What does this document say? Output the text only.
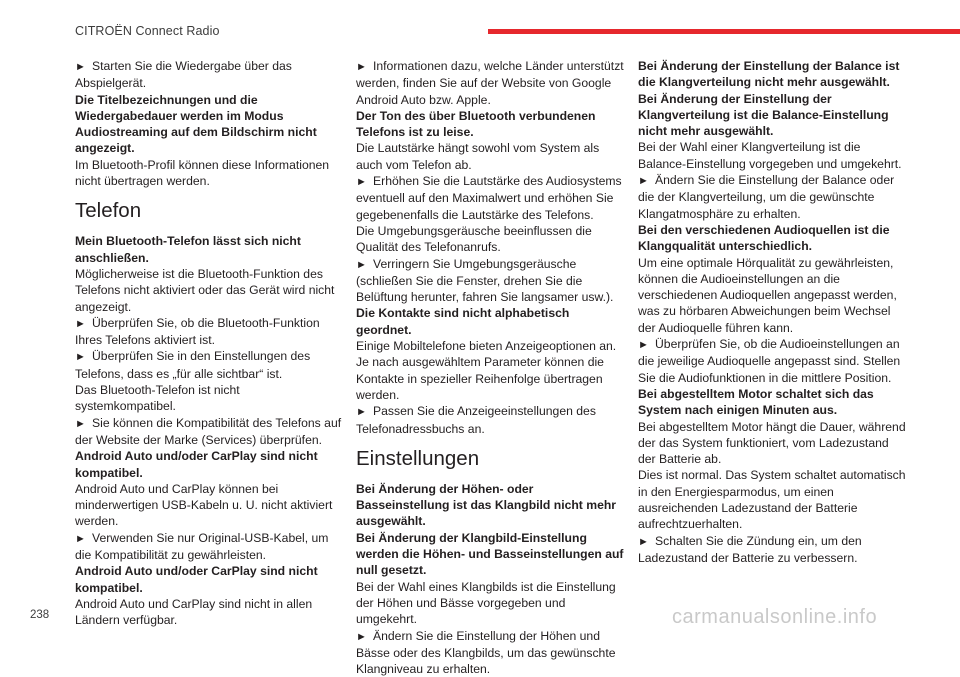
CITROËN Connect Radio

►  Starten Sie die Wiedergabe über das Abspielgerät.

Die Titelbezeichnungen und die Wiedergabedauer werden im Modus Audiostreaming auf dem Bildschirm nicht angezeigt.

Im Bluetooth-Profil können diese Informationen nicht übertragen werden.

Telefon

Mein Bluetooth-Telefon lässt sich nicht anschließen.

Möglicherweise ist die Bluetooth-Funktion des Telefons nicht aktiviert oder das Gerät wird nicht angezeigt.

►  Überprüfen Sie, ob die Bluetooth-Funktion Ihres Telefons aktiviert ist.

►  Überprüfen Sie in den Einstellungen des Telefons, dass es „für alle sichtbar“ ist.

Das Bluetooth-Telefon ist nicht systemkompatibel.

►  Sie können die Kompatibilität des Telefons auf der Website der Marke (Services) überprüfen.

Android Auto und/oder CarPlay sind nicht kompatibel.

Android Auto und CarPlay können bei minderwertigen USB-Kabeln u. U. nicht aktiviert werden.

►  Verwenden Sie nur Original-USB-Kabel, um die Kompatibilität zu gewährleisten.

Android Auto und/oder CarPlay sind nicht kompatibel.

Android Auto und CarPlay sind nicht in allen Ländern verfügbar.

►  Informationen dazu, welche Länder unterstützt werden, finden Sie auf der Website von Google Android Auto bzw. Apple.

Der Ton des über Bluetooth verbundenen Telefons ist zu leise.

Die Lautstärke hängt sowohl vom System als auch vom Telefon ab.

►  Erhöhen Sie die Lautstärke des Audiosystems eventuell auf den Maximalwert und erhöhen Sie gegebenenfalls die Lautstärke des Telefons.

Die Umgebungsgeräusche beeinflussen die Qualität des Telefonanrufs.

►  Verringern Sie Umgebungsgeräusche (schließen Sie die Fenster, drehen Sie die Belüftung herunter, fahren Sie langsamer usw.).

Die Kontakte sind nicht alphabetisch geordnet.

Einige Mobiltelefone bieten Anzeigeoptionen an. Je nach ausgewähltem Parameter können die Kontakte in spezieller Reihenfolge übertragen werden.

►  Passen Sie die Anzeigeeinstellungen des Telefonadressbuchs an.

Einstellungen

Bei Änderung der Höhen- oder Basseinstellung ist das Klangbild nicht mehr ausgewählt.

Bei Änderung der Klangbild-Einstellung werden die Höhen- und Basseinstellungen auf null gesetzt.

Bei der Wahl eines Klangbilds ist die Einstellung der Höhen und Bässe vorgegeben und umgekehrt.

►  Ändern Sie die Einstellung der Höhen und Bässe oder des Klangbilds, um das gewünschte Klangniveau zu erhalten.

Bei Änderung der Einstellung der Balance ist die Klangverteilung nicht mehr ausgewählt.

Bei Änderung der Einstellung der Klangverteilung ist die Balance-Einstellung nicht mehr ausgewählt.

Bei der Wahl einer Klangverteilung ist die Balance-Einstellung vorgegeben und umgekehrt.

►  Ändern Sie die Einstellung der Balance oder die der Klangverteilung, um die gewünschte Klangatmosphäre zu erhalten.

Bei den verschiedenen Audioquellen ist die Klangqualität unterschiedlich.

Um eine optimale Hörqualität zu gewährleisten, können die Audioeinstellungen an die verschiedenen Audioquellen angepasst werden, was zu hörbaren Abweichungen beim Wechsel der Audioquelle führen kann.

►  Überprüfen Sie, ob die Audioeinstellungen an die jeweilige Audioquelle angepasst sind. Stellen Sie die Audiofunktionen in die mittlere Position.

Bei abgestelltem Motor schaltet sich das System nach einigen Minuten aus.

Bei abgestelltem Motor hängt die Dauer, während der das System funktioniert, vom Ladezustand der Batterie ab.

Dies ist normal. Das System schaltet automatisch in den Energiesparmodus, um einen ausreichenden Ladezustand der Batterie aufrechtzuerhalten.

►  Schalten Sie die Zündung ein, um den Ladezustand der Batterie zu verbessern.

238	carmanualsonline.info
